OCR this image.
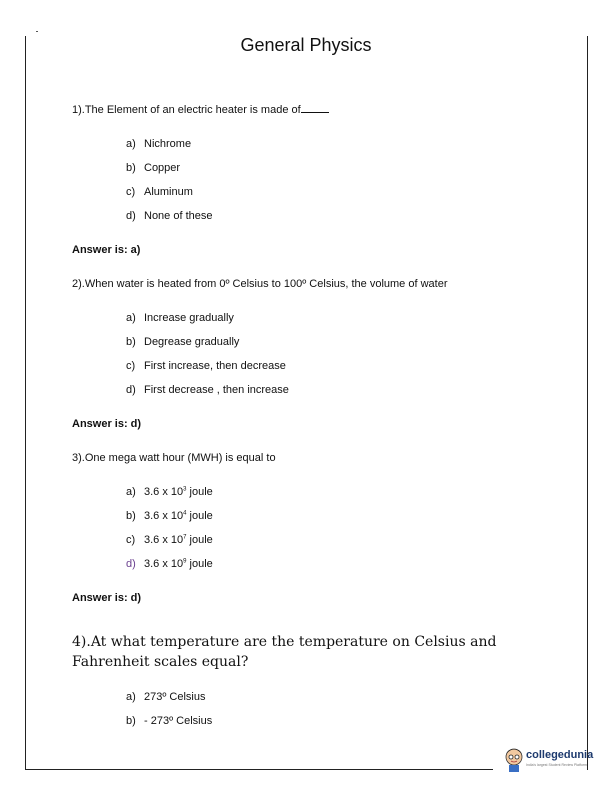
General Physics
1).The Element of an electric heater is made of
a) Nichrome
b) Copper
c) Aluminum
d) None of these
Answer is: a)
2).When water is heated from 0º Celsius to 100º Celsius, the volume of water
a) Increase gradually
b) Degrease gradually
c) First increase, then decrease
d) First decrease , then increase
Answer is: d)
3).One mega watt hour (MWH) is equal to
a) 3.6 x $10^3$ joule
b) 3.6 x $10^4$ joule
c) 3.6 x $10^7$ joule
d) 3.6 x $10^9$ joule
Answer is: d)
4).At what temperature are the temperature on Celsius and Fahrenheit scales equal?
a) 273º Celsius
b) - 273º Celsius
collegedunia
India's largest Student Review Platform
